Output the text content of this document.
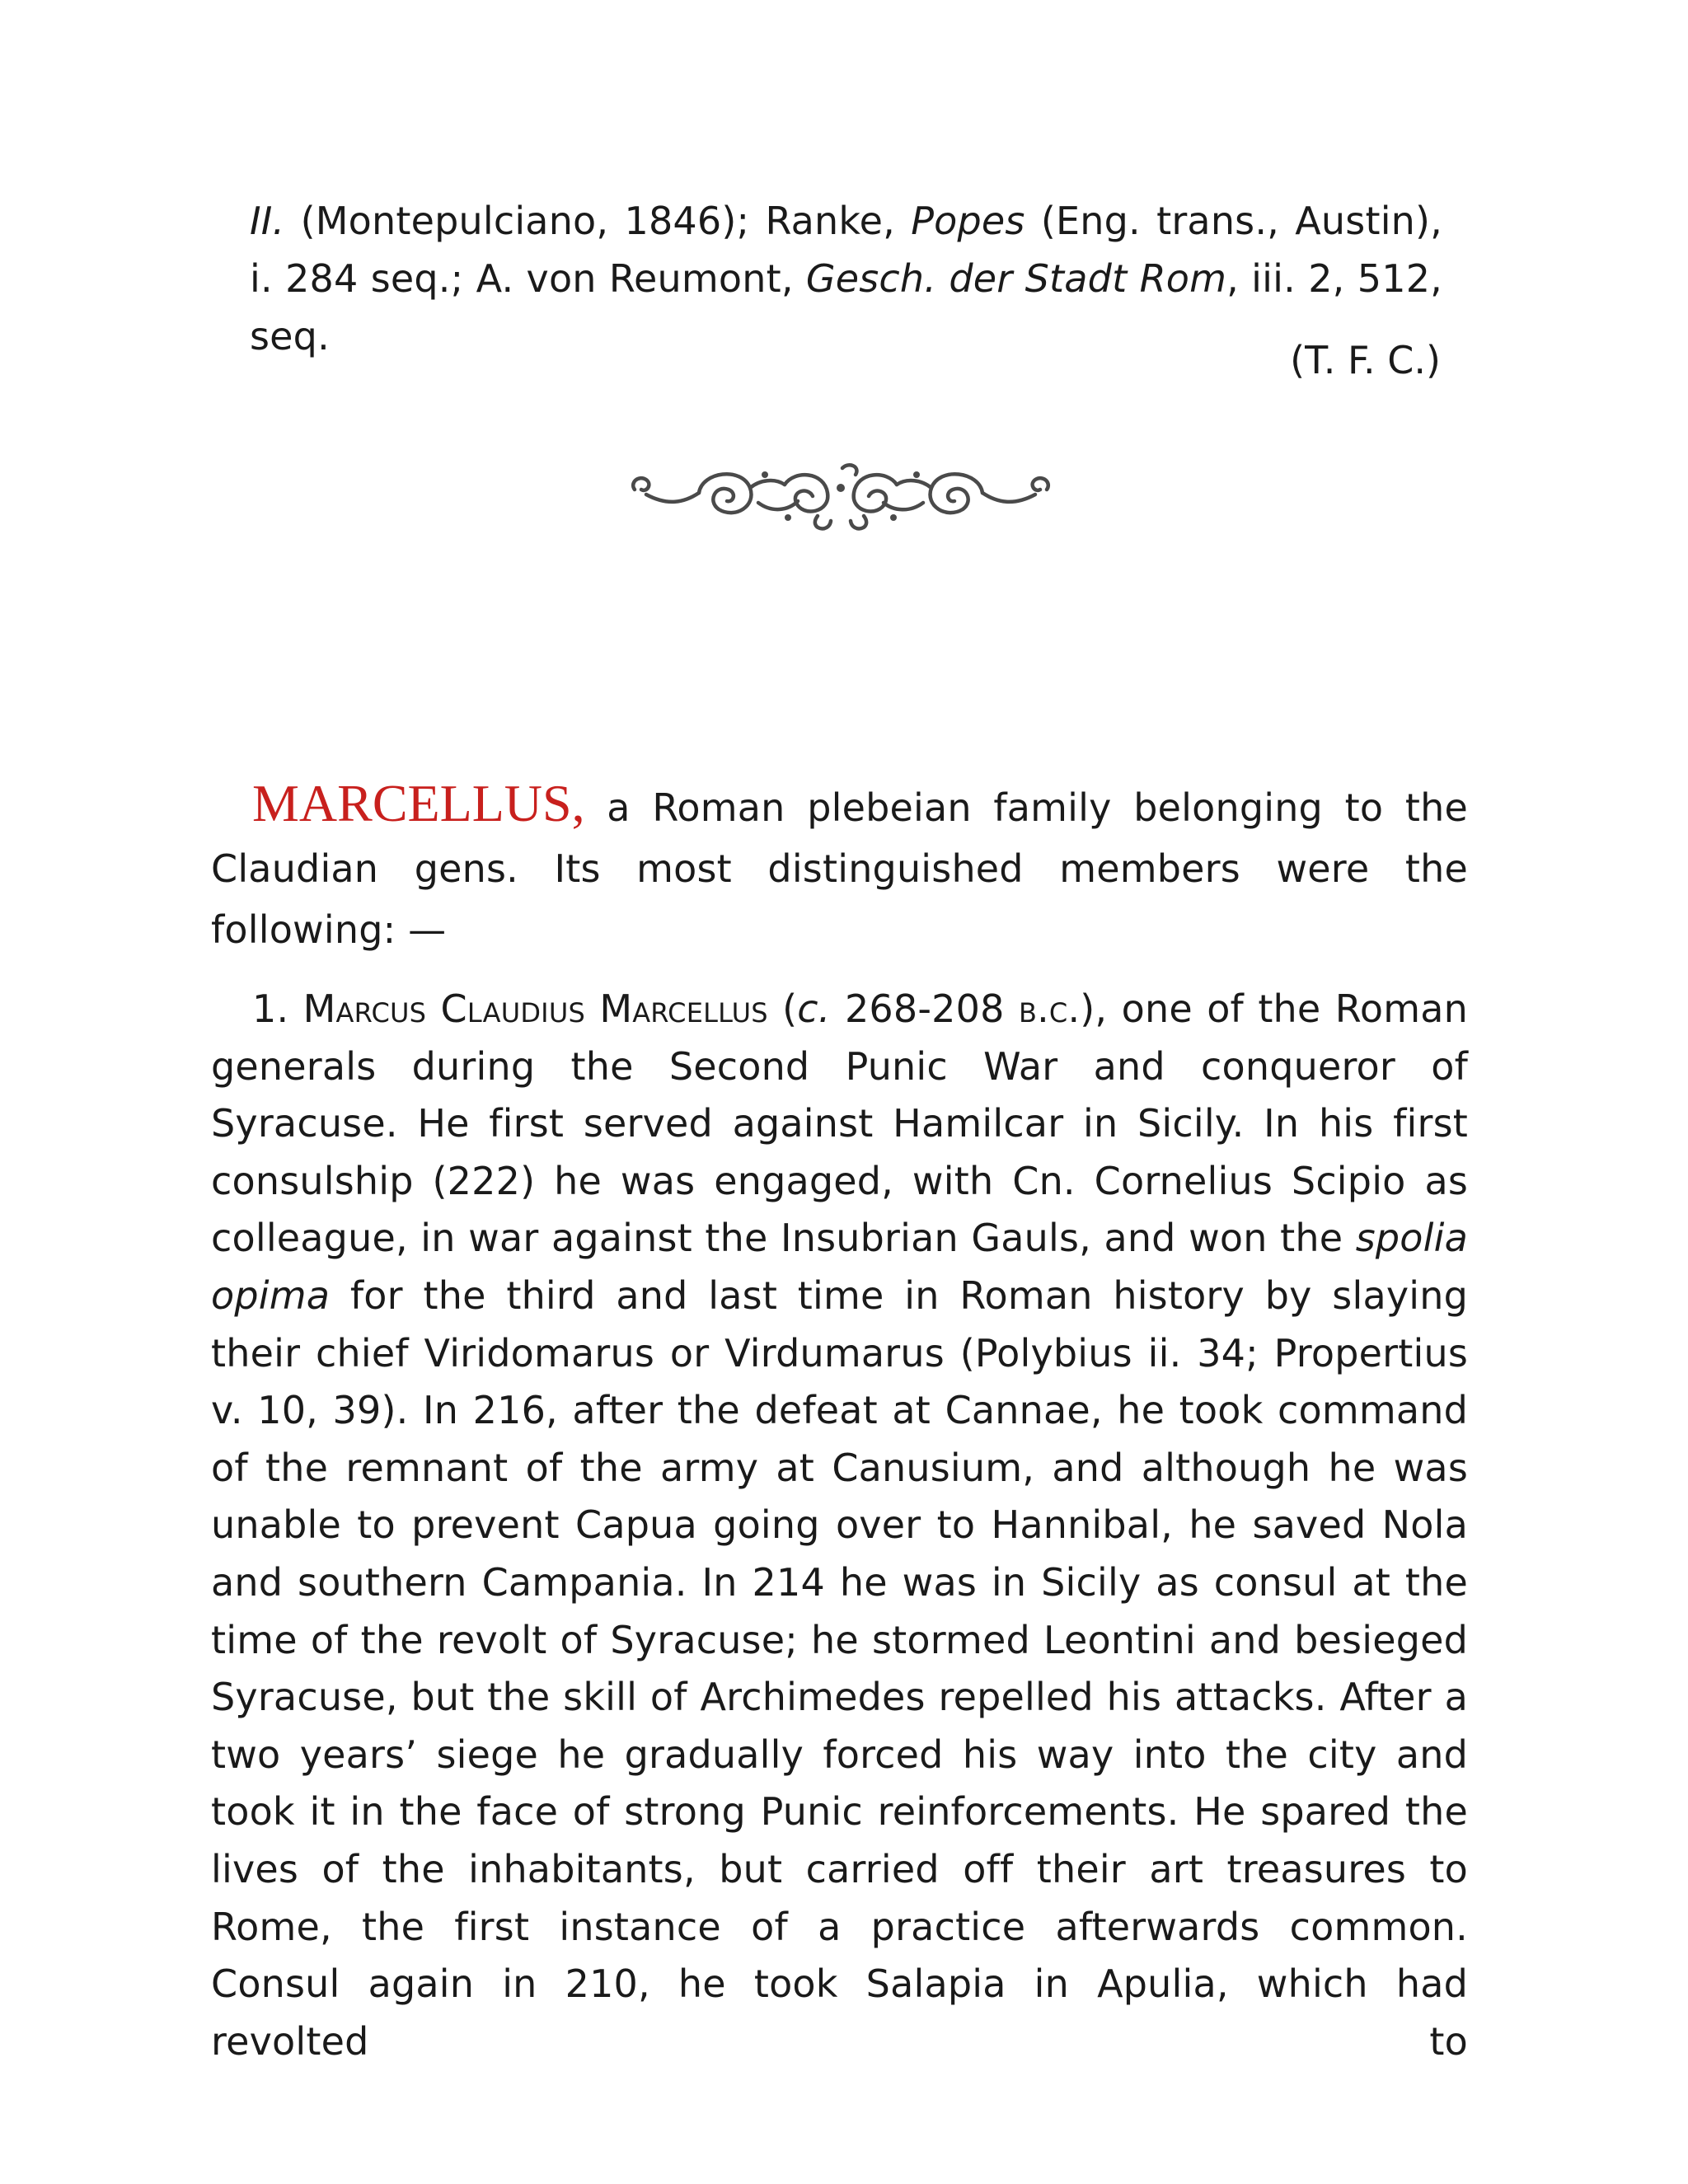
II. (Montepulciano, 1846); Ranke, Popes (Eng. trans., Austin), i. 284 seq.; A. von Reumont, Gesch. der Stadt Rom, iii. 2, 512, seq.

(T. F. C.)

MARCELLUS, a Roman plebeian family belonging to the Claudian gens. Its most distinguished members were the following: —

1. Marcus Claudius Marcellus (c. 268-208 b.c.), one of the Roman generals during the Second Punic War and conqueror of Syracuse. He first served against Hamilcar in Sicily. In his first consulship (222) he was engaged, with Cn. Cornelius Scipio as colleague, in war against the Insubrian Gauls, and won the spolia opima for the third and last time in Roman history by slaying their chief Viridomarus or Virdumarus (Polybius ii. 34; Propertius v. 10, 39). In 216, after the defeat at Cannae, he took command of the remnant of the army at Canusium, and although he was unable to prevent Capua going over to Hannibal, he saved Nola and southern Campania. In 214 he was in Sicily as consul at the time of the revolt of Syracuse; he stormed Leontini and besieged Syracuse, but the skill of Archimedes repelled his attacks. After a two years’ siege he gradually forced his way into the city and took it in the face of strong Punic reinforcements. He spared the lives of the inhabitants, but carried off their art treasures to Rome, the first instance of a practice afterwards common. Consul again in 210, he took Salapia in Apulia, which had revolted to
